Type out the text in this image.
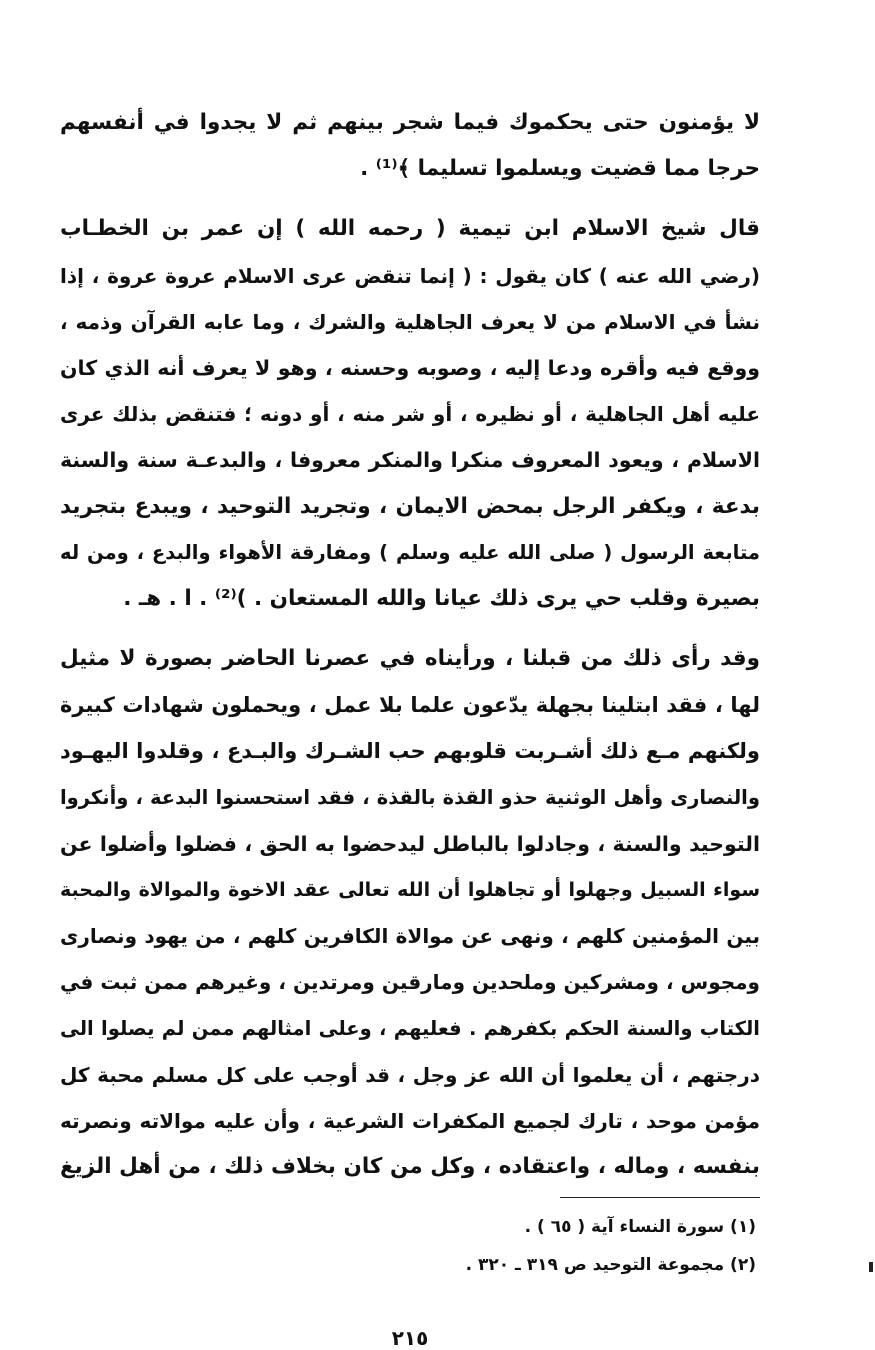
لا يؤمنون حتى يحكموك فيما شجر بينهم ثم لا يجدوا في أنفسهم
حرجا مما قضيت ويسلموا تسليما ﴾⁽¹⁾ .
قال شيخ الاسلام ابن تيمية ( رحمه الله ) إن عمر بن الخطـاب
(رضي الله عنه ) كان يقول : ( إنما تنقض عرى الاسلام عروة عروة ، إذا
نشأ في الاسلام من لا يعرف الجاهلية والشرك ، وما عابه القرآن وذمه ،
ووقع فيه وأقره ودعا إليه ، وصوبه وحسنه ، وهو لا يعرف أنه الذي كان
عليه أهل الجاهلية ، أو نظيره ، أو شر منه ، أو دونه ؛ فتنقض بذلك عرى
الاسلام ، ويعود المعروف منكرا والمنكر معروفا ، والبدعـة سنة والسنة
بدعة ، ويكفر الرجل بمحض الايمان ، وتجريد التوحيد ، ويبدع بتجريد
متابعة الرسول ( صلى الله عليه وسلم ) ومفارقة الأهواء والبدع ، ومن له
بصيرة وقلب حي يرى ذلك عيانا والله المستعان . )⁽²⁾ . ا . هـ .
وقد رأى ذلك من قبلنا ، ورأيناه في عصرنا الحاضر بصورة لا مثيل
لها ، فقد ابتلينا بجهلة يدّعون علما بلا عمل ، ويحملون شهادات كبيرة
ولكنهم مـع ذلك أشـربت قلوبهم حب الشـرك والبـدع ، وقلدوا اليهـود
والنصارى وأهل الوثنية حذو القذة بالقذة ، فقد استحسنوا البدعة ، وأنكروا
التوحيد والسنة ، وجادلوا بالباطل ليدحضوا به الحق ، فضلوا وأضلوا عن
سواء السبيل وجهلوا أو تجاهلوا أن الله تعالى عقد الاخوة والموالاة والمحبة
بين المؤمنين كلهم ، ونهى عن موالاة الكافرين كلهم ، من يهود ونصارى
ومجوس ، ومشركين وملحدين ومارقين ومرتدين ، وغيرهم ممن ثبت في
الكتاب والسنة الحكم بكفرهم . فعليهم ، وعلى امثالهم ممن لم يصلوا الى
درجتهم ، أن يعلموا أن الله عز وجل ، قد أوجب على كل مسلم محبة كل
مؤمن موحد ، تارك لجميع المكفرات الشرعية ، وأن عليه موالاته ونصرته
بنفسه ، وماله ، واعتقاده ، وكل من كان بخلاف ذلك ، من أهل الزيغ
(١) سورة النساء آية ( ٦٥ ) .
(٢) مجموعة التوحيد ص ٣١٩ ـ ٣٢٠ .
٢١٥
